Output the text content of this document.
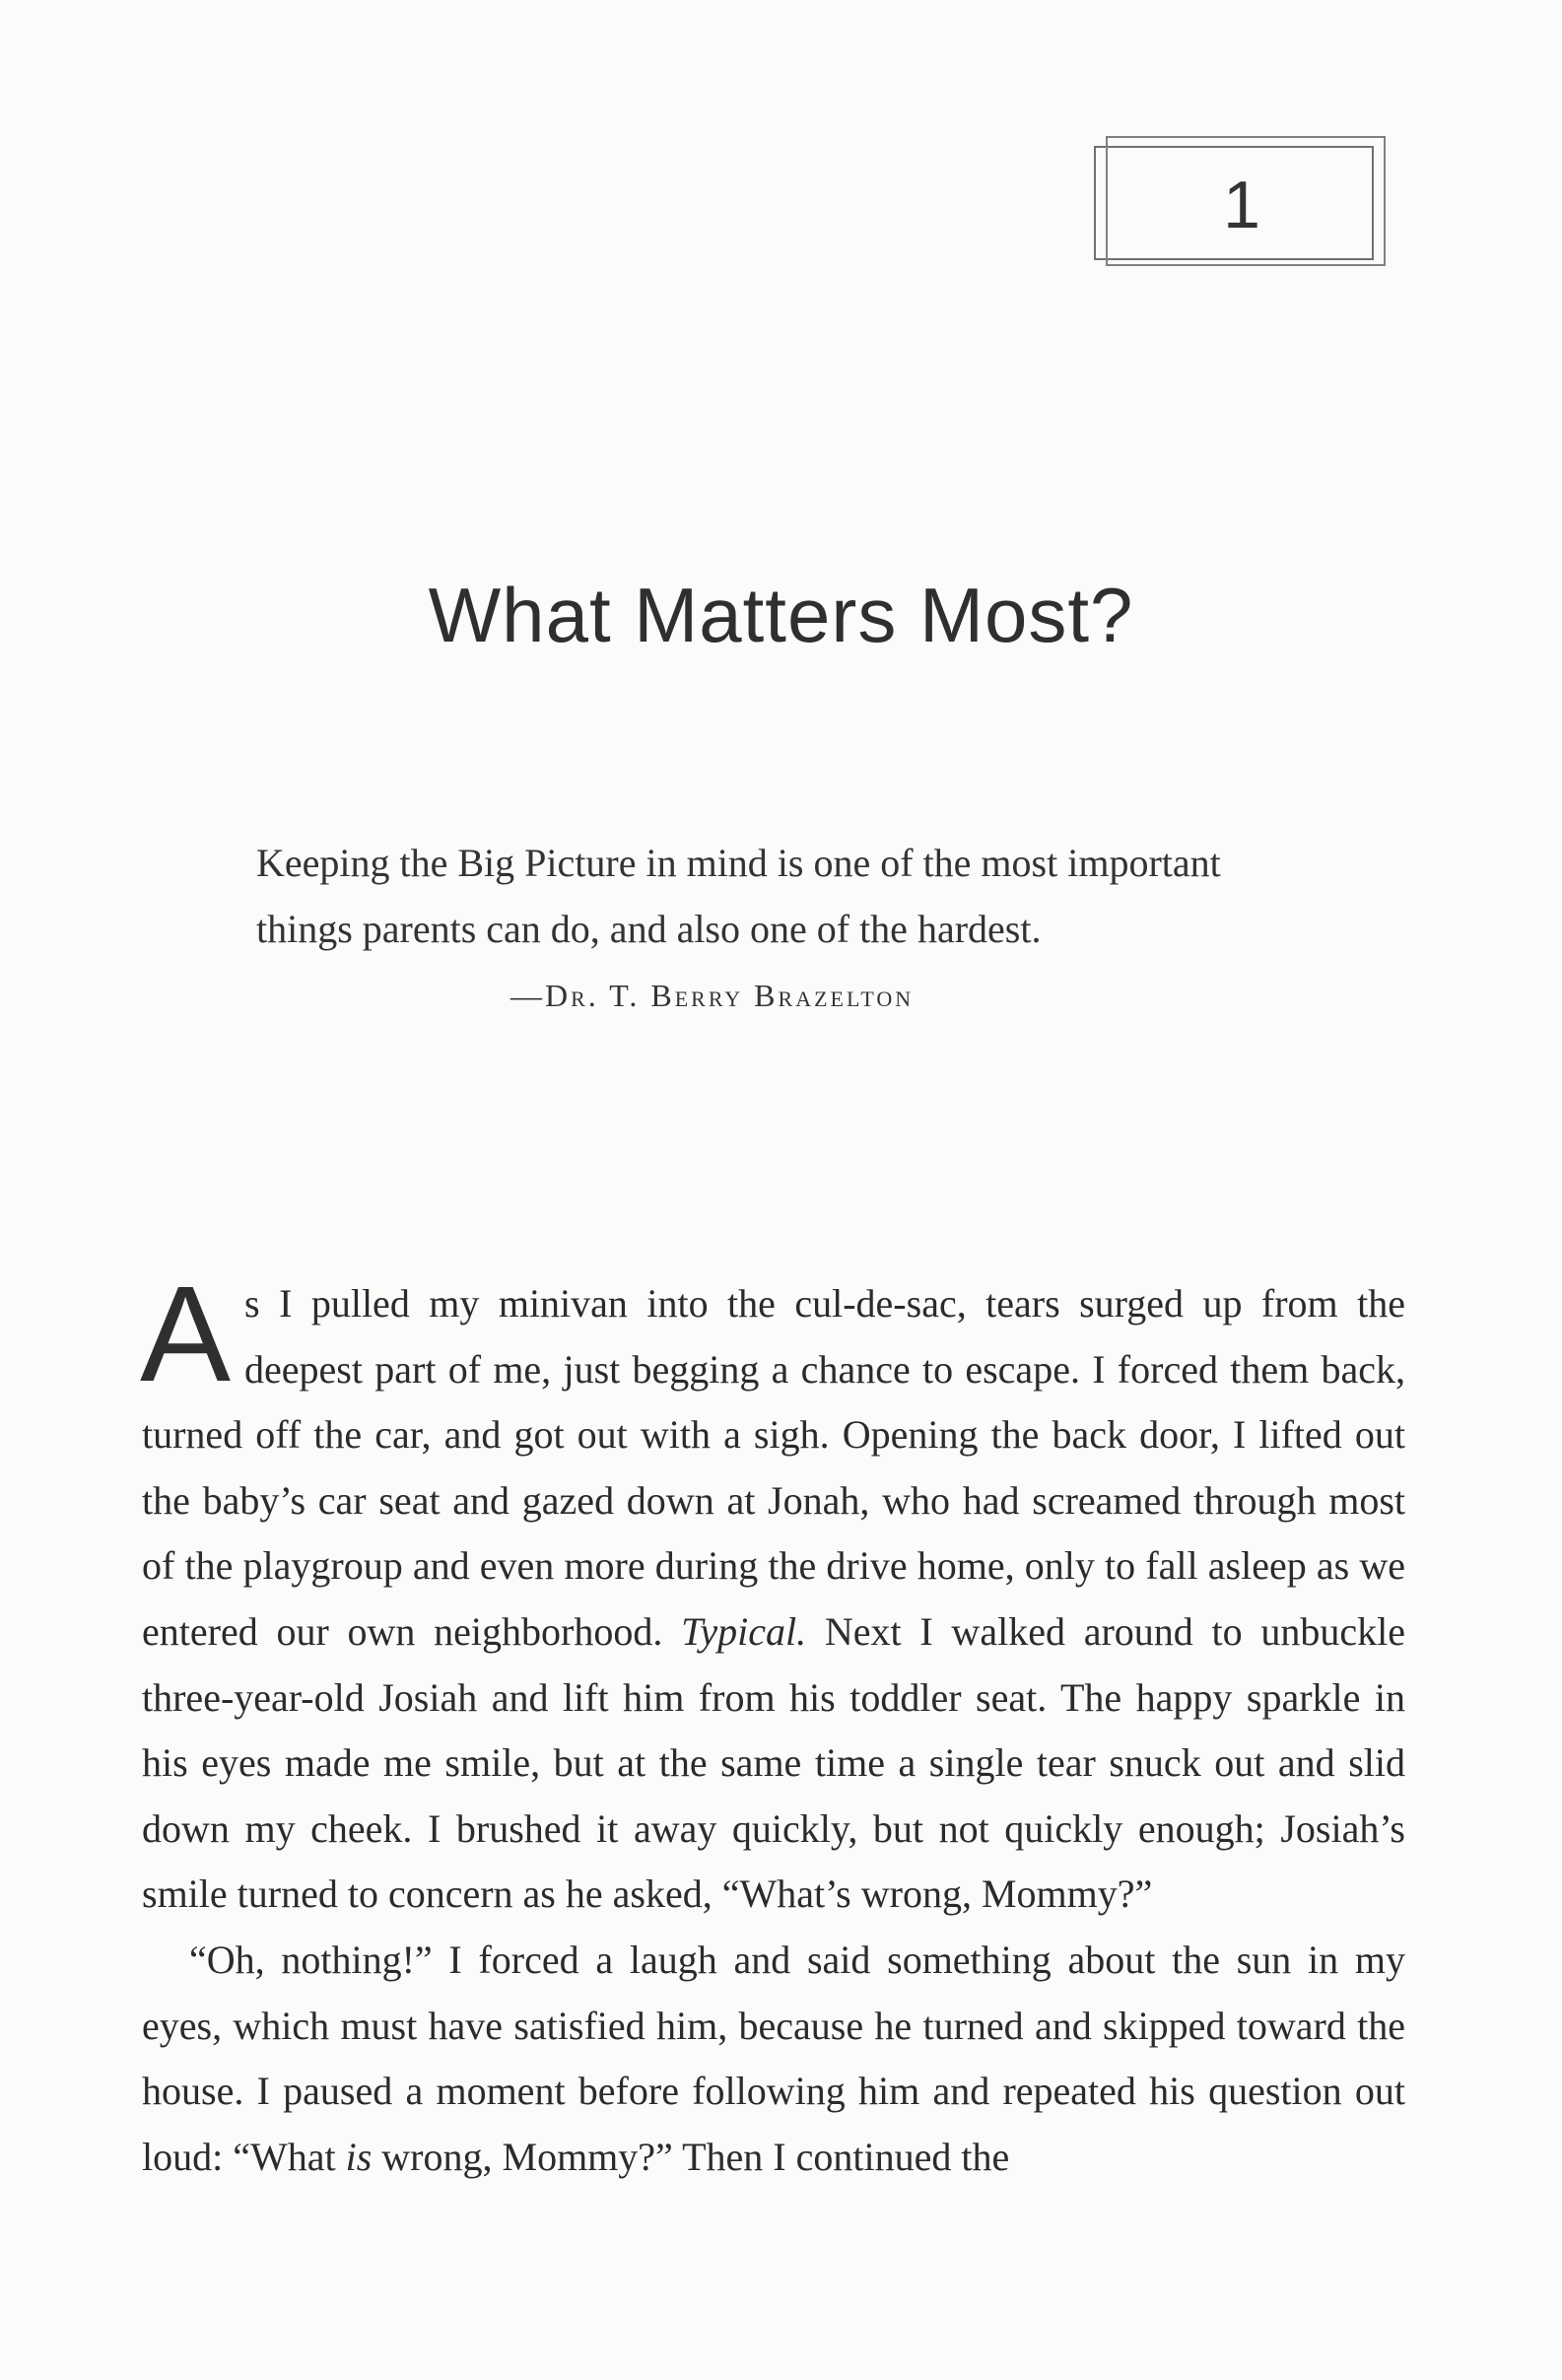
1
What Matters Most?

Keeping the Big Picture in mind is one of the most important

things parents can do, and also one of the hardest.

—Dr. T. Berry Brazelton

As I pulled my minivan into the cul-de-sac, tears surged up from the deepest part of me, just begging a chance to escape. I forced them back, turned off the car, and got out with a sigh. Opening the back door, I lifted out the baby’s car seat and gazed down at Jonah, who had screamed through most of the playgroup and even more during the drive home, only to fall asleep as we entered our own neighborhood. Typical. Next I walked around to unbuckle three-year-old Josiah and lift him from his toddler seat. The happy sparkle in his eyes made me smile, but at the same time a single tear snuck out and slid down my cheek. I brushed it away quickly, but not quickly enough; Josiah’s smile turned to concern as he asked, “What’s wrong, Mommy?”

“Oh, nothing!” I forced a laugh and said something about the sun in my eyes, which must have satisfied him, because he turned and skipped toward the house. I paused a moment before following him and repeated his question out loud: “What is wrong, Mommy?” Then I continued the
